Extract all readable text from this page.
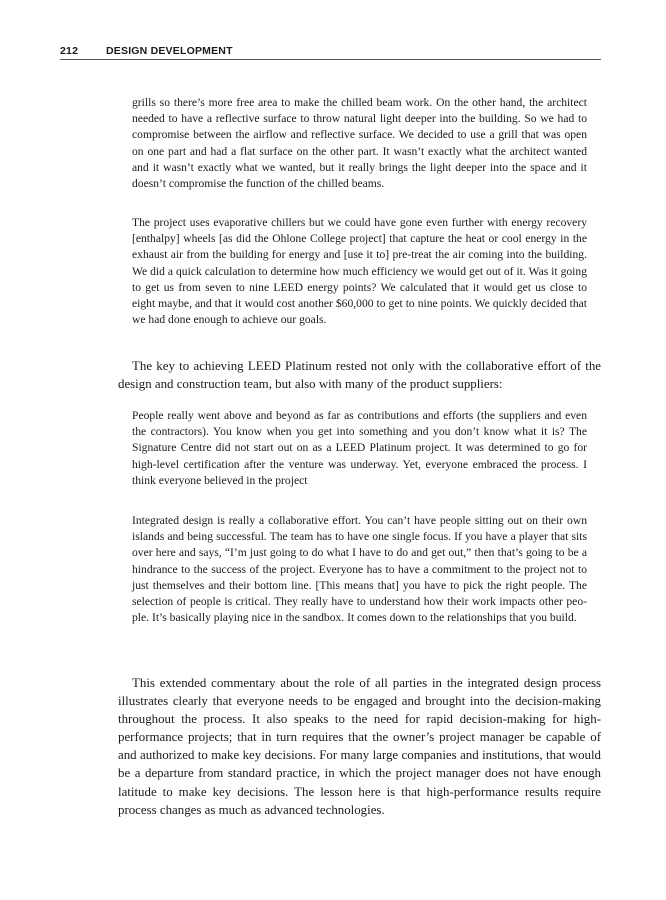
212	DESIGN DEVELOPMENT

grills so there’s more free area to make the chilled beam work. On the other hand, the architect needed to have a reflective surface to throw natural light deeper into the building. So we had to compromise between the airflow and reflective surface. We decided to use a grill that was open on one part and had a flat surface on the other part. It wasn’t exactly what the architect wanted and it wasn’t exactly what we wanted, but it really brings the light deeper into the space and it doesn’t compromise the function of the chilled beams.

The project uses evaporative chillers but we could have gone even further with energy recovery [enthalpy] wheels [as did the Ohlone College project] that capture the heat or cool energy in the exhaust air from the building for energy and [use it to] pre-treat the air coming into the building. We did a quick calculation to determine how much efficiency we would get out of it. Was it going to get us from seven to nine LEED energy points? We calculated that it would get us close to eight maybe, and that it would cost another $60,000 to get to nine points. We quickly decided that we had done enough to achieve our goals.

The key to achieving LEED Platinum rested not only with the collaborative effort of the design and construction team, but also with many of the product suppliers:

People really went above and beyond as far as contributions and efforts (the suppliers and even the contractors). You know when you get into something and you don’t know what it is? The Signature Centre did not start out on as a LEED Platinum project. It was determined to go for high-level certification after the venture was underway. Yet, everyone embraced the process. I think everyone believed in the project

Integrated design is really a collaborative effort. You can’t have people sitting out on their own islands and being successful. The team has to have one single focus. If you have a player that sits over here and says, “I’m just going to do what I have to do and get out,” then that’s going to be a hindrance to the success of the project. Everyone has to have a commitment to the project not to just themselves and their bottom line. [This means that] you have to pick the right people. The selection of people is critical. They really have to understand how their work impacts other people. It’s basically playing nice in the sandbox. It comes down to the relationships that you build.

This extended commentary about the role of all parties in the integrated design process illustrates clearly that everyone needs to be engaged and brought into the decision-making throughout the process. It also speaks to the need for rapid decision-making for high-performance projects; that in turn requires that the owner’s project manager be capable of and authorized to make key decisions. For many large companies and institutions, that would be a departure from standard practice, in which the project manager does not have enough latitude to make key decisions. The lesson here is that high-performance results require process changes as much as advanced technologies.
